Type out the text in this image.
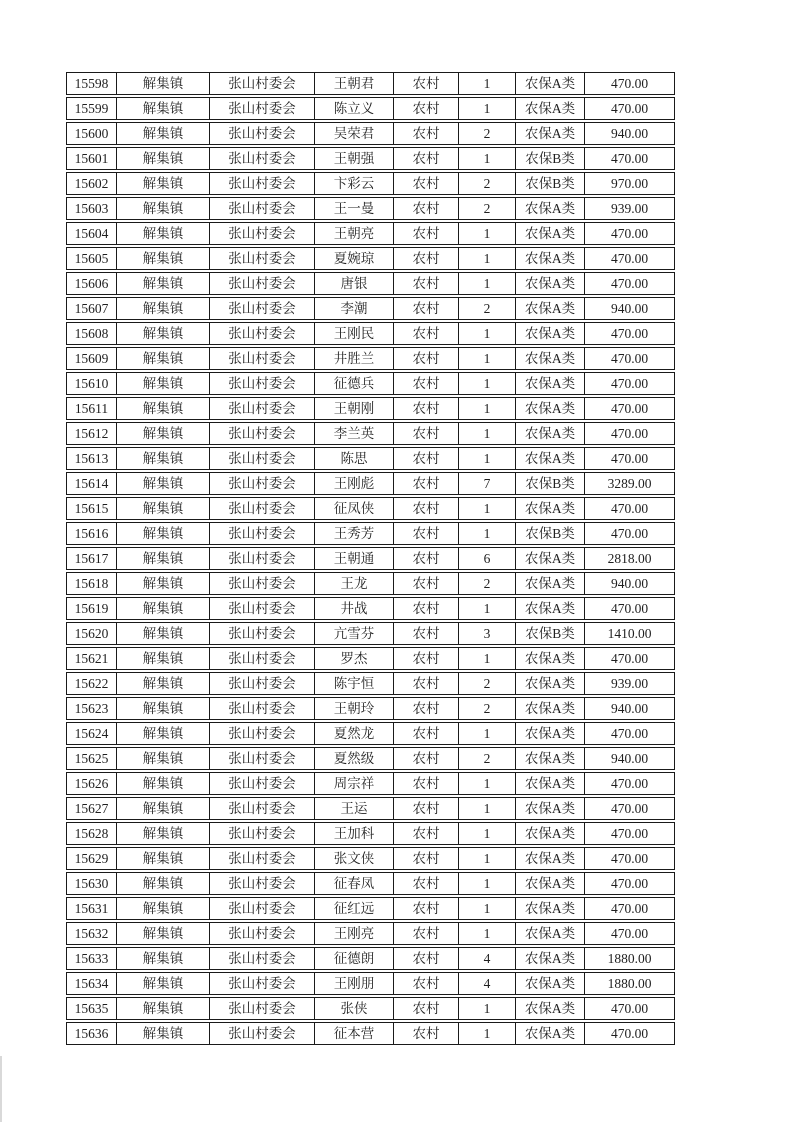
15598	解集镇	张山村委会	王朝君	农村	1	农保A类	470.00
15599	解集镇	张山村委会	陈立义	农村	1	农保A类	470.00
15600	解集镇	张山村委会	吴荣君	农村	2	农保A类	940.00
15601	解集镇	张山村委会	王朝强	农村	1	农保B类	470.00
15602	解集镇	张山村委会	卞彩云	农村	2	农保B类	970.00
15603	解集镇	张山村委会	王一曼	农村	2	农保A类	939.00
15604	解集镇	张山村委会	王朝亮	农村	1	农保A类	470.00
15605	解集镇	张山村委会	夏婉琼	农村	1	农保A类	470.00
15606	解集镇	张山村委会	唐银	农村	1	农保A类	470.00
15607	解集镇	张山村委会	李潮	农村	2	农保A类	940.00
15608	解集镇	张山村委会	王刚民	农村	1	农保A类	470.00
15609	解集镇	张山村委会	井胜兰	农村	1	农保A类	470.00
15610	解集镇	张山村委会	征德兵	农村	1	农保A类	470.00
15611	解集镇	张山村委会	王朝刚	农村	1	农保A类	470.00
15612	解集镇	张山村委会	李兰英	农村	1	农保A类	470.00
15613	解集镇	张山村委会	陈思	农村	1	农保A类	470.00
15614	解集镇	张山村委会	王刚彪	农村	7	农保B类	3289.00
15615	解集镇	张山村委会	征凤侠	农村	1	农保A类	470.00
15616	解集镇	张山村委会	王秀芳	农村	1	农保B类	470.00
15617	解集镇	张山村委会	王朝通	农村	6	农保A类	2818.00
15618	解集镇	张山村委会	王龙	农村	2	农保A类	940.00
15619	解集镇	张山村委会	井战	农村	1	农保A类	470.00
15620	解集镇	张山村委会	亢雪芬	农村	3	农保B类	1410.00
15621	解集镇	张山村委会	罗杰	农村	1	农保A类	470.00
15622	解集镇	张山村委会	陈宇恒	农村	2	农保A类	939.00
15623	解集镇	张山村委会	王朝玲	农村	2	农保A类	940.00
15624	解集镇	张山村委会	夏然龙	农村	1	农保A类	470.00
15625	解集镇	张山村委会	夏然级	农村	2	农保A类	940.00
15626	解集镇	张山村委会	周宗祥	农村	1	农保A类	470.00
15627	解集镇	张山村委会	王运	农村	1	农保A类	470.00
15628	解集镇	张山村委会	王加科	农村	1	农保A类	470.00
15629	解集镇	张山村委会	张文侠	农村	1	农保A类	470.00
15630	解集镇	张山村委会	征春凤	农村	1	农保A类	470.00
15631	解集镇	张山村委会	征红远	农村	1	农保A类	470.00
15632	解集镇	张山村委会	王刚亮	农村	1	农保A类	470.00
15633	解集镇	张山村委会	征德朗	农村	4	农保A类	1880.00
15634	解集镇	张山村委会	王刚朋	农村	4	农保A类	1880.00
15635	解集镇	张山村委会	张侠	农村	1	农保A类	470.00
15636	解集镇	张山村委会	征本营	农村	1	农保A类	470.00
